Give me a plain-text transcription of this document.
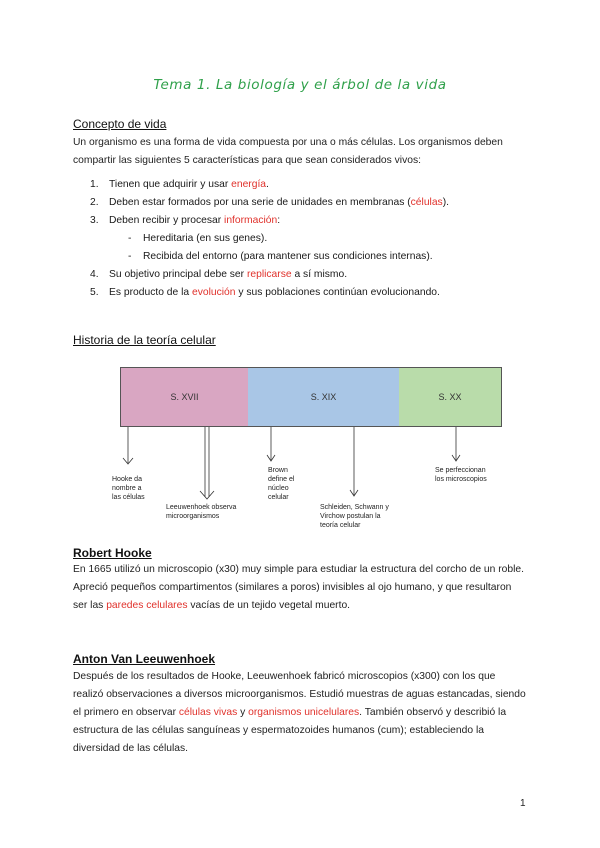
Tema 1. La biología y el árbol de la vida
Concepto de vida
Un organismo es una forma de vida compuesta por una o más células. Los organismos deben compartir las siguientes 5 características para que sean considerados vivos:
1. Tienen que adquirir y usar energía.
2. Deben estar formados por una serie de unidades en membranas (células).
3. Deben recibir y procesar información:
- Hereditaria (en sus genes).
- Recibida del entorno (para mantener sus condiciones internas).
4. Su objetivo principal debe ser replicarse a sí mismo.
5. Es producto de la evolución y sus poblaciones continúan evolucionando.
Historia de la teoría celular
S. XVII	S. XIX	S. XX
Hooke da
nombre a
las células
Leeuwenhoek observa
microorganismos
Brown
define el
núcleo
celular
Schleiden, Schwann y
Virchow postulan la
teoría celular
Se perfeccionan
los microscopios
Robert Hooke
En 1665 utilizó un microscopio (x30) muy simple para estudiar la estructura del corcho de un roble. Apreció pequeños compartimentos (similares a poros) invisibles al ojo humano, y que resultaron ser las paredes celulares vacías de un tejido vegetal muerto.
Anton Van Leeuwenhoek
Después de los resultados de Hooke, Leeuwenhoek fabricó microscopios (x300) con los que realizó observaciones a diversos microorganismos. Estudió muestras de aguas estancadas, siendo el primero en observar células vivas y organismos unicelulares. También observó y describió la estructura de las células sanguíneas y espermatozoides humanos (cum); estableciendo la diversidad de las células.
1
